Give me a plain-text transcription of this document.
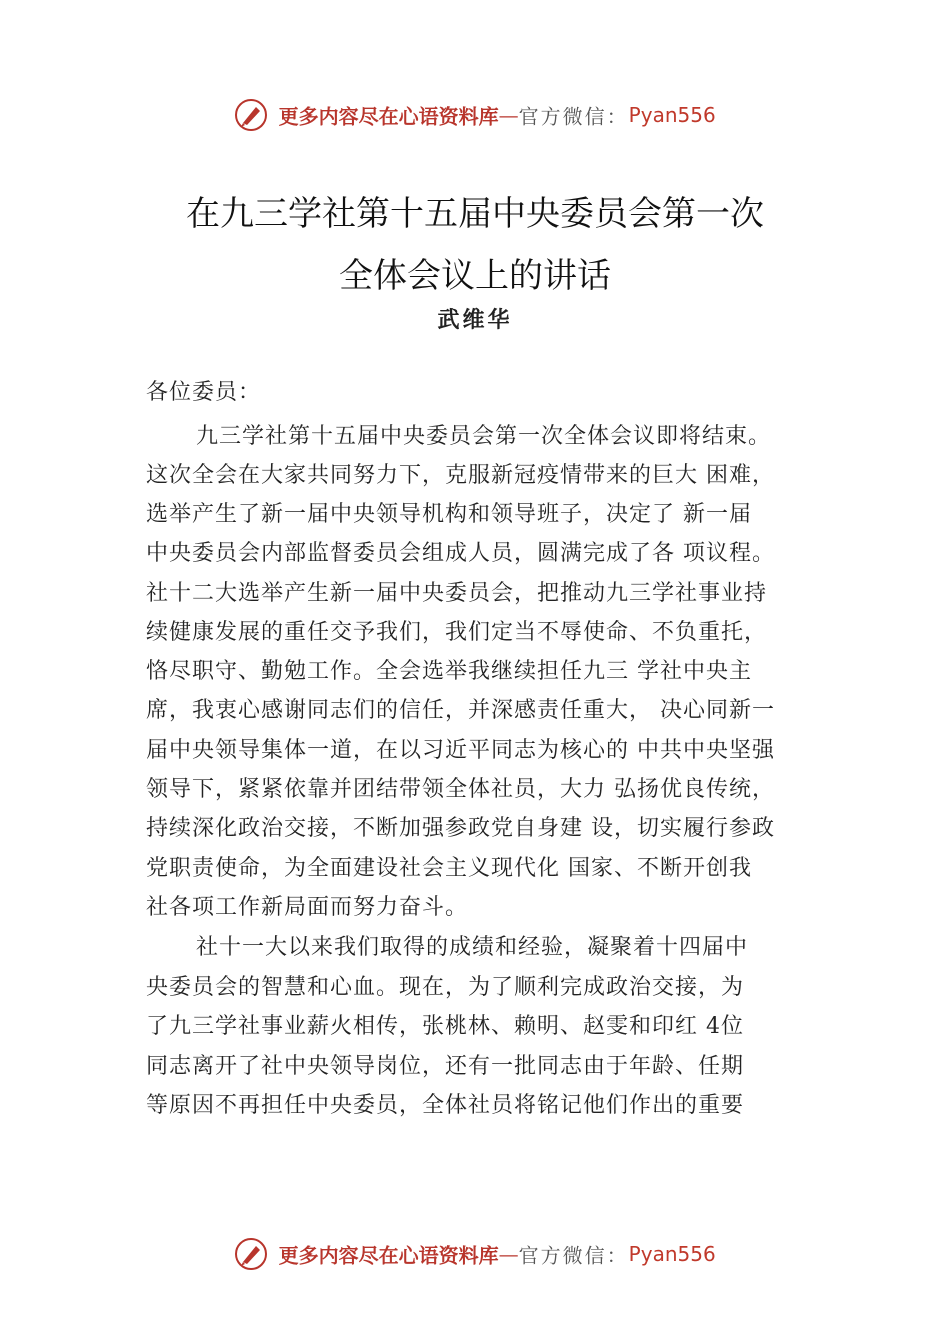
更多内容尽在心语资料库—官方微信：Pyan556
在九三学社第十五届中央委员会第一次
全体会议上的讲话
武维华
各位委员：
九三学社第十五届中央委员会第一次全体会议即将结束。
这次全会在大家共同努力下，克服新冠疫情带来的巨大 困难，
选举产生了新一届中央领导机构和领导班子，决定了 新一届
中央委员会内部监督委员会组成人员，圆满完成了各 项议程。
社十二大选举产生新一届中央委员会，把推动九三学社事业持
续健康发展的重任交予我们，我们定当不辱使命、不负重托，
恪尽职守、勤勉工作。全会选举我继续担任九三 学社中央主
席，我衷心感谢同志们的信任，并深感责任重大， 决心同新一
届中央领导集体一道，在以习近平同志为核心的 中共中央坚强
领导下，紧紧依靠并团结带领全体社员，大力 弘扬优良传统，
持续深化政治交接，不断加强参政党自身建 设，切实履行参政
党职责使命，为全面建设社会主义现代化 国家、不断开创我
社各项工作新局面而努力奋斗。
社十一大以来我们取得的成绩和经验，凝聚着十四届中
央委员会的智慧和心血。现在，为了顺利完成政治交接，为
了九三学社事业薪火相传，张桃林、赖明、赵雯和印红 4位
同志离开了社中央领导岗位，还有一批同志由于年龄、任期
等原因不再担任中央委员，全体社员将铭记他们作出的重要
更多内容尽在心语资料库—官方微信：Pyan556
